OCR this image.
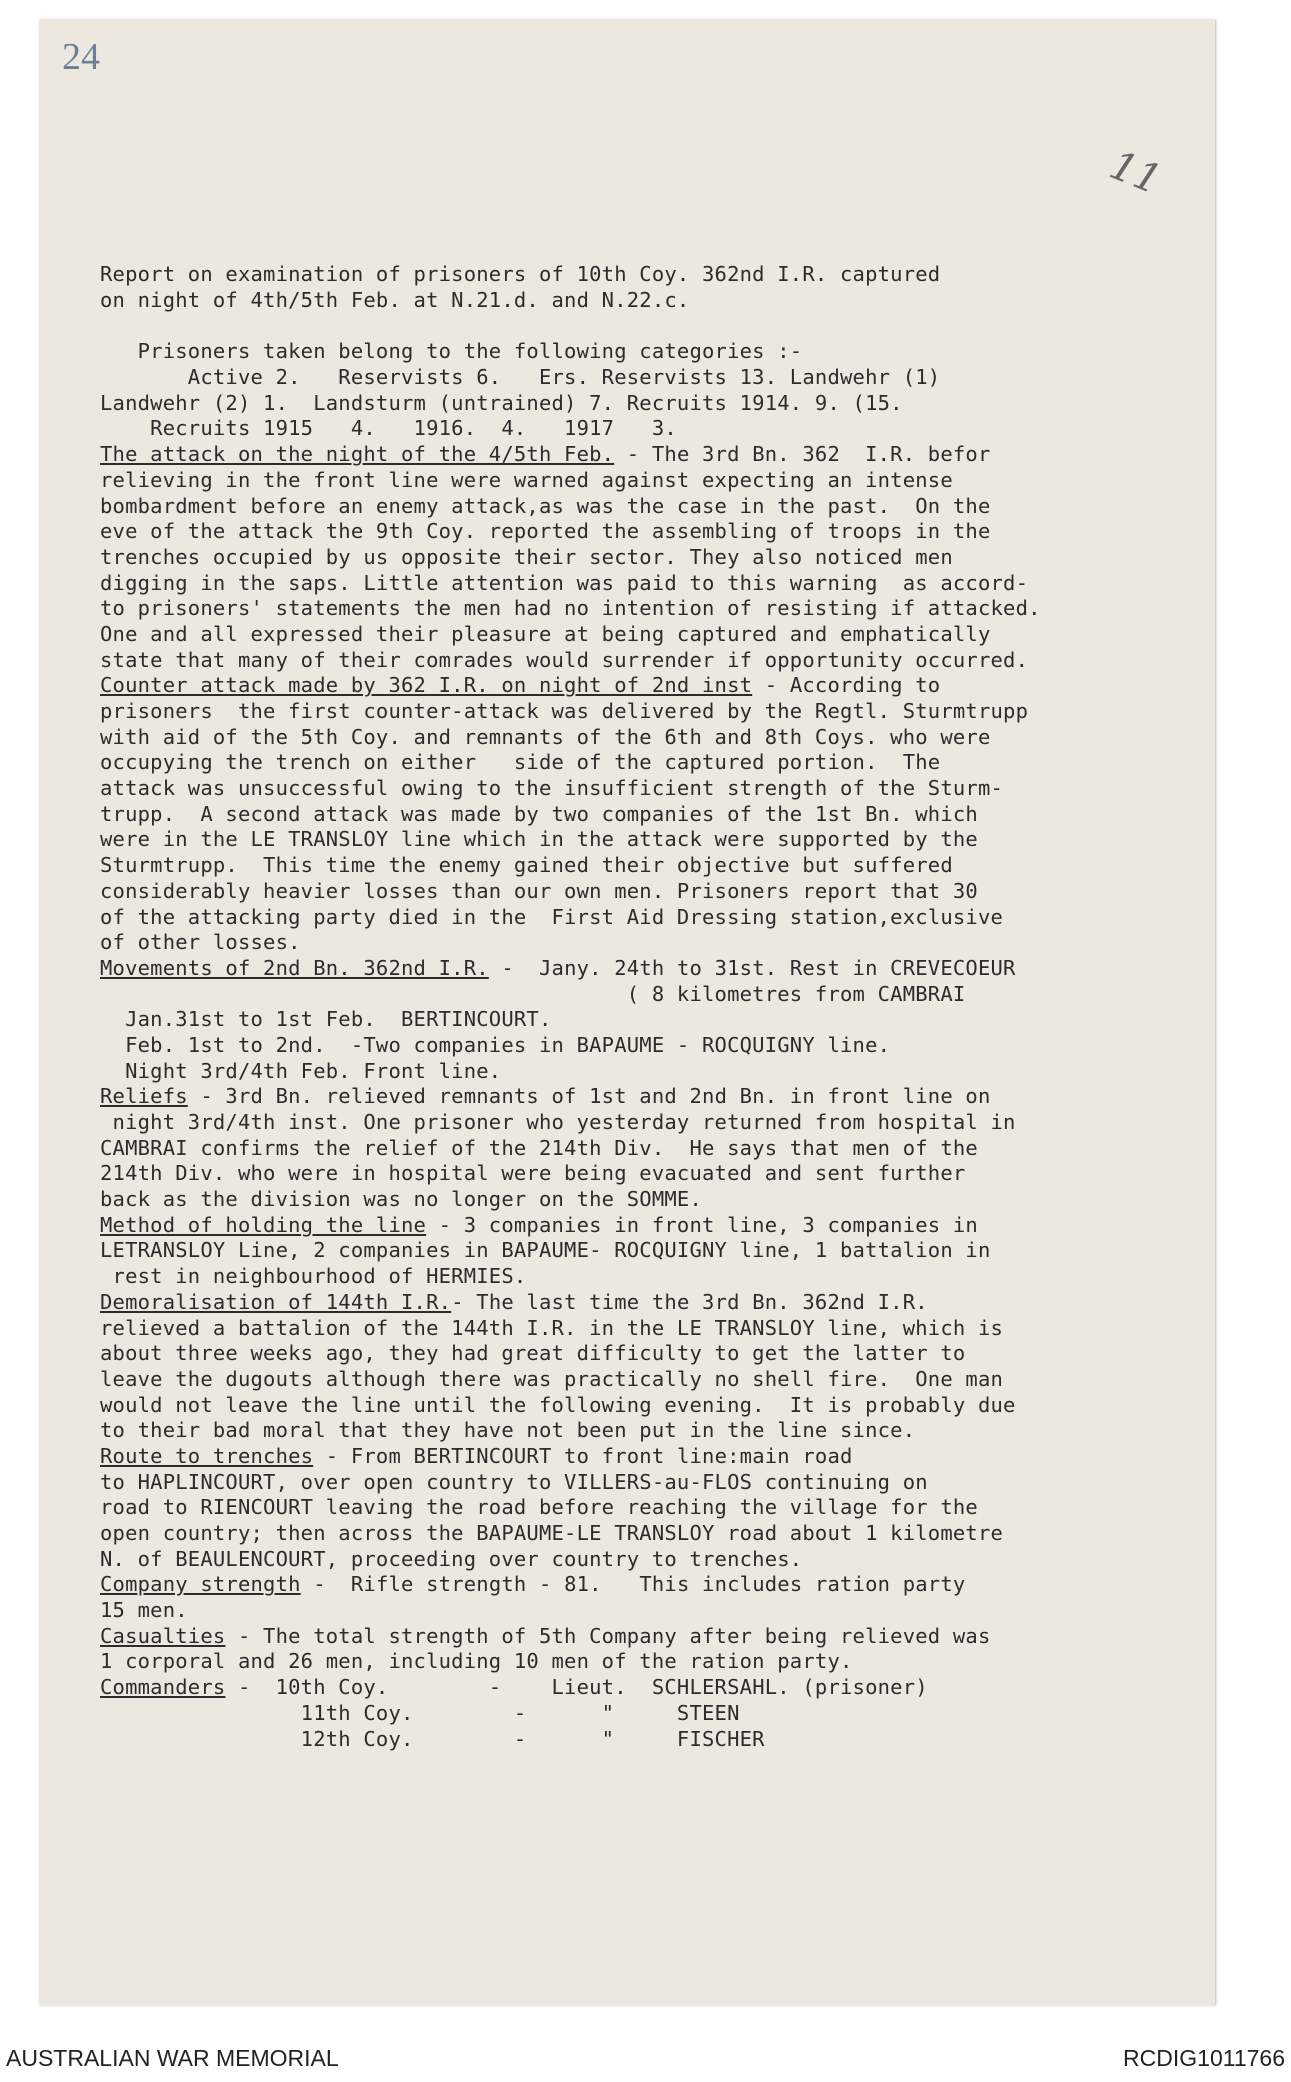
24
11
Report on examination of prisoners of 10th Coy. 362nd I.R. captured
on night of 4th/5th Feb. at N.21.d. and N.22.c.
Prisoners taken belong to the following categories :-
Active 2.   Reservists 6.   Ers. Reservists 13. Landwehr (1)
Landwehr (2) 1.  Landsturm (untrained) 7. Recruits 1914. 9. (15.
Recruits 1915   4.   1916.  4.   1917   3.
The attack on the night of the 4/5th Feb. - The 3rd Bn. 362  I.R. befor
relieving in the front line were warned against expecting an intense
bombardment before an enemy attack,as was the case in the past.  On the
eve of the attack the 9th Coy. reported the assembling of troops in the
trenches occupied by us opposite their sector. They also noticed men
digging in the saps. Little attention was paid to this warning  as accord-
to prisoners' statements the men had no intention of resisting if attacked.
One and all expressed their pleasure at being captured and emphatically
state that many of their comrades would surrender if opportunity occurred.
Counter attack made by 362 I.R. on night of 2nd inst - According to
prisoners  the first counter-attack was delivered by the Regtl. Sturmtrupp
with aid of the 5th Coy. and remnants of the 6th and 8th Coys. who were
occupying the trench on either   side of the captured portion.  The
attack was unsuccessful owing to the insufficient strength of the Sturm-
trupp.  A second attack was made by two companies of the 1st Bn. which
were in the LE TRANSLOY line which in the attack were supported by the
Sturmtrupp.  This time the enemy gained their objective but suffered
considerably heavier losses than our own men. Prisoners report that 30
of the attacking party died in the  First Aid Dressing station,exclusive
of other losses.
Movements of 2nd Bn. 362nd I.R. -  Jany. 24th to 31st. Rest in CREVECOEUR
( 8 kilometres from CAMBRAI
Jan.31st to 1st Feb.  BERTINCOURT.
Feb. 1st to 2nd.  -Two companies in BAPAUME - ROCQUIGNY line.
Night 3rd/4th Feb. Front line.
Reliefs - 3rd Bn. relieved remnants of 1st and 2nd Bn. in front line on
night 3rd/4th inst. One prisoner who yesterday returned from hospital in
CAMBRAI confirms the relief of the 214th Div.  He says that men of the
214th Div. who were in hospital were being evacuated and sent further
back as the division was no longer on the SOMME.
Method of holding the line - 3 companies in front line, 3 companies in
LETRANSLOY Line, 2 companies in BAPAUME- ROCQUIGNY line, 1 battalion in
rest in neighbourhood of HERMIES.
Demoralisation of 144th I.R.- The last time the 3rd Bn. 362nd I.R.
relieved a battalion of the 144th I.R. in the LE TRANSLOY line, which is
about three weeks ago, they had great difficulty to get the latter to
leave the dugouts although there was practically no shell fire.  One man
would not leave the line until the following evening.  It is probably due
to their bad moral that they have not been put in the line since.
Route to trenches - From BERTINCOURT to front line:main road
to HAPLINCOURT, over open country to VILLERS-au-FLOS continuing on
road to RIENCOURT leaving the road before reaching the village for the
open country; then across the BAPAUME-LE TRANSLOY road about 1 kilometre
N. of BEAULENCOURT, proceeding over country to trenches.
Company strength -  Rifle strength - 81.   This includes ration party
15 men.
Casualties - The total strength of 5th Company after being relieved was
1 corporal and 26 men, including 10 men of the ration party.
Commanders -  10th Coy.        -    Lieut.  SCHLERSAHL. (prisoner)
11th Coy.        -      "     STEEN
12th Coy.        -      "     FISCHER
AUSTRALIAN WAR MEMORIAL	RCDIG1011766
